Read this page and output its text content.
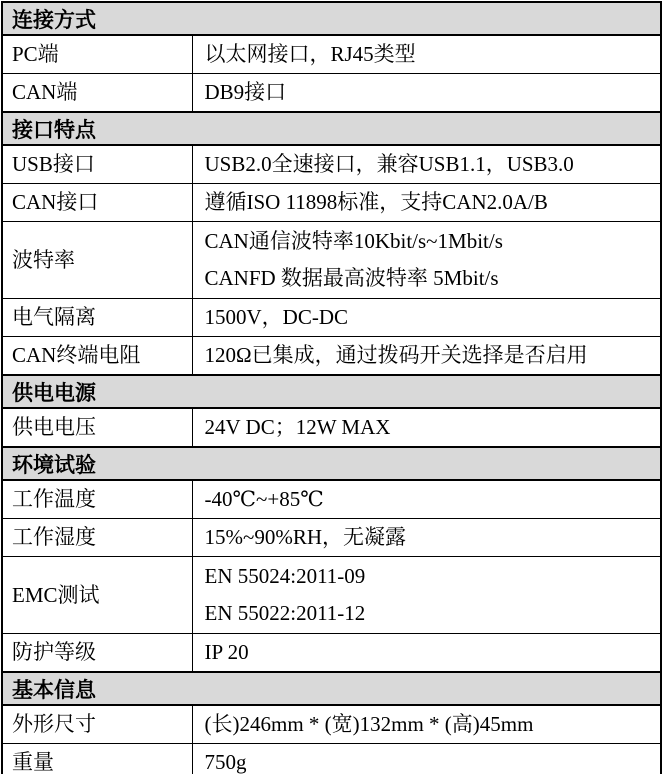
连接方式	

PC端	以太网接口，RJ45类型

CAN端	DB9接口

接口特点	

USB接口	USB2.0全速接口，兼容USB1.1，USB3.0

CAN接口	遵循ISO 11898标准，支持CAN2.0A/B

波特率	CAN通信波特率10Kbit/s~1Mbit/s
CANFD 数据最高波特率 5Mbit/s

电气隔离	1500V，DC-DC

CAN终端电阻	120Ω已集成，通过拨码开关选择是否启用

供电电源	

供电电压	24V DC；12W MAX

环境试验	

工作温度	-40℃~+85℃

工作湿度	15%~90%RH，无凝露

EMC测试	EN 55024:2011-09
EN 55022:2011-12

防护等级	IP 20

基本信息	

外形尺寸	(长)246mm * (宽)132mm * (高)45mm

重量	750g
